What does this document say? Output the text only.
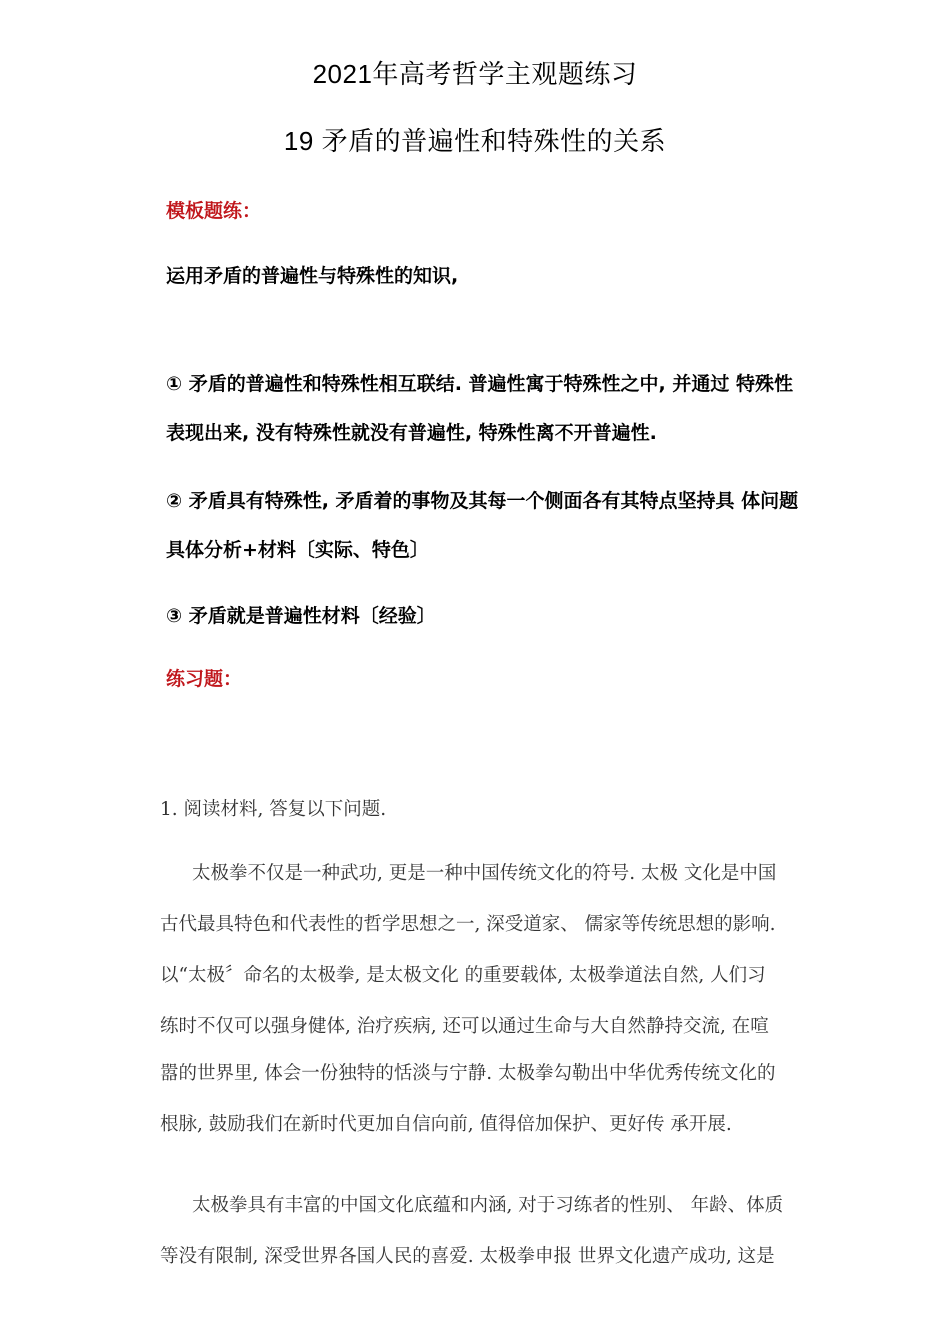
2021年高考哲学主观题练习
19 矛盾的普遍性和特殊性的关系
模板题练：
运用矛盾的普遍性与特殊性的知识,
① 矛盾的普遍性和特殊性相互联结. 普遍性寓于特殊性之中, 并通过 特殊性
表现出来, 没有特殊性就没有普遍性, 特殊性离不开普遍性.
② 矛盾具有特殊性, 矛盾着的事物及其每一个侧面各有其特点坚持具 体问题
具体分析+材料〔实际、特色〕
③ 矛盾就是普遍性材料〔经验〕
练习题：
1. 阅读材料, 答复以下问题.
太极拳不仅是一种武功, 更是一种中国传统文化的符号. 太极 文化是中国
古代最具特色和代表性的哲学思想之一, 深受道家、 儒家等传统思想的影响.
以“太极〞命名的太极拳, 是太极文化 的重要载体, 太极拳道法自然, 人们习
练时不仅可以强身健体, 治疗疾病, 还可以通过生命与大自然静持交流, 在喧
嚣的世界里, 体会一份独特的恬淡与宁静. 太极拳勾勒出中华优秀传统文化的
根脉, 鼓励我们在新时代更加自信向前, 值得倍加保护、更好传 承开展.
太极拳具有丰富的中国文化底蕴和内涵, 对于习练者的性别、 年龄、体质
等没有限制, 深受世界各国人民的喜爱. 太极拳申报 世界文化遗产成功, 这是
